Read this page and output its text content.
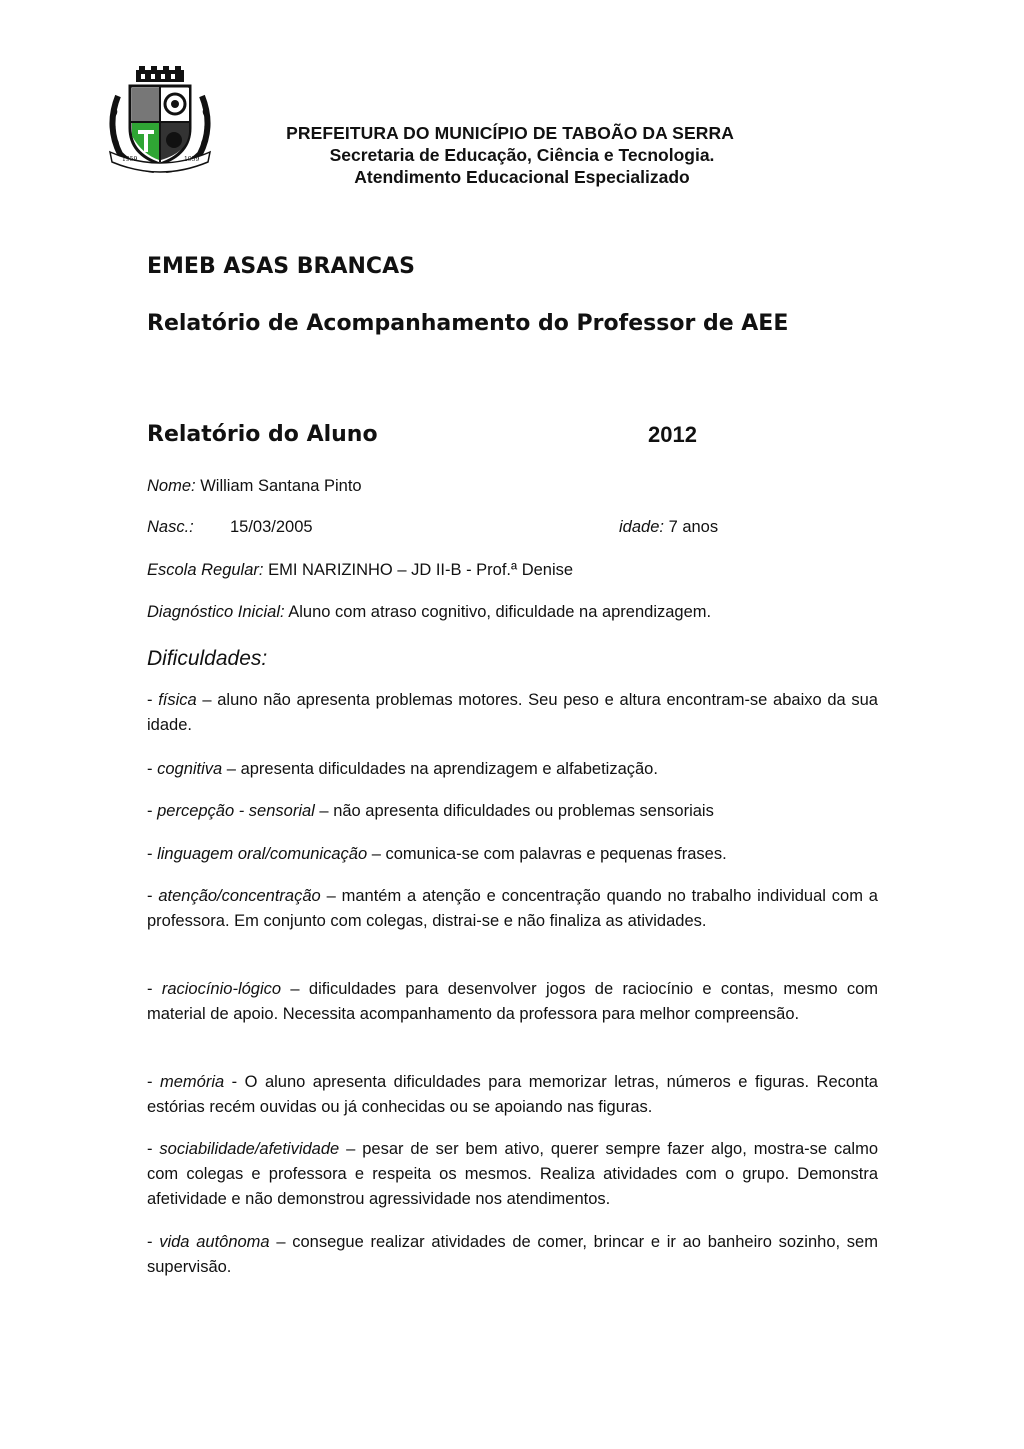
1959	1959
PREFEITURA DO MUNICÍPIO DE TABOÃO DA SERRA
Secretaria de Educação, Ciência e Tecnologia.
Atendimento Educacional Especializado
EMEB ASAS BRANCAS
Relatório de Acompanhamento do Professor de AEE
Relatório do Aluno	2012
Nome: William Santana Pinto
Nasc.: 15/03/2005	idade: 7 anos
Escola Regular: EMI NARIZINHO – JD II-B - Prof.ª Denise
Diagnóstico Inicial: Aluno com atraso cognitivo, dificuldade na aprendizagem.
Dificuldades:
- física – aluno não apresenta problemas motores. Seu peso e altura encontram-se abaixo da sua idade.
- cognitiva – apresenta dificuldades na aprendizagem e alfabetização.
- percepção - sensorial – não apresenta dificuldades ou problemas sensoriais
- linguagem oral/comunicação – comunica-se com palavras e pequenas frases.
- atenção/concentração – mantém a atenção e concentração quando no trabalho individual com a professora. Em conjunto com colegas, distrai-se e não finaliza as atividades.
- raciocínio-lógico – dificuldades para desenvolver jogos de raciocínio e contas, mesmo com material de apoio. Necessita acompanhamento da professora para melhor compreensão.
- memória - O aluno apresenta dificuldades para memorizar letras, números e figuras. Reconta estórias recém ouvidas ou já conhecidas ou se apoiando nas figuras.
- sociabilidade/afetividade – pesar de ser bem ativo, querer sempre fazer algo, mostra-se calmo com colegas e professora e respeita os mesmos. Realiza atividades com o grupo. Demonstra afetividade e não demonstrou agressividade nos atendimentos.
- vida autônoma – consegue realizar atividades de comer, brincar e ir ao banheiro sozinho, sem supervisão.
